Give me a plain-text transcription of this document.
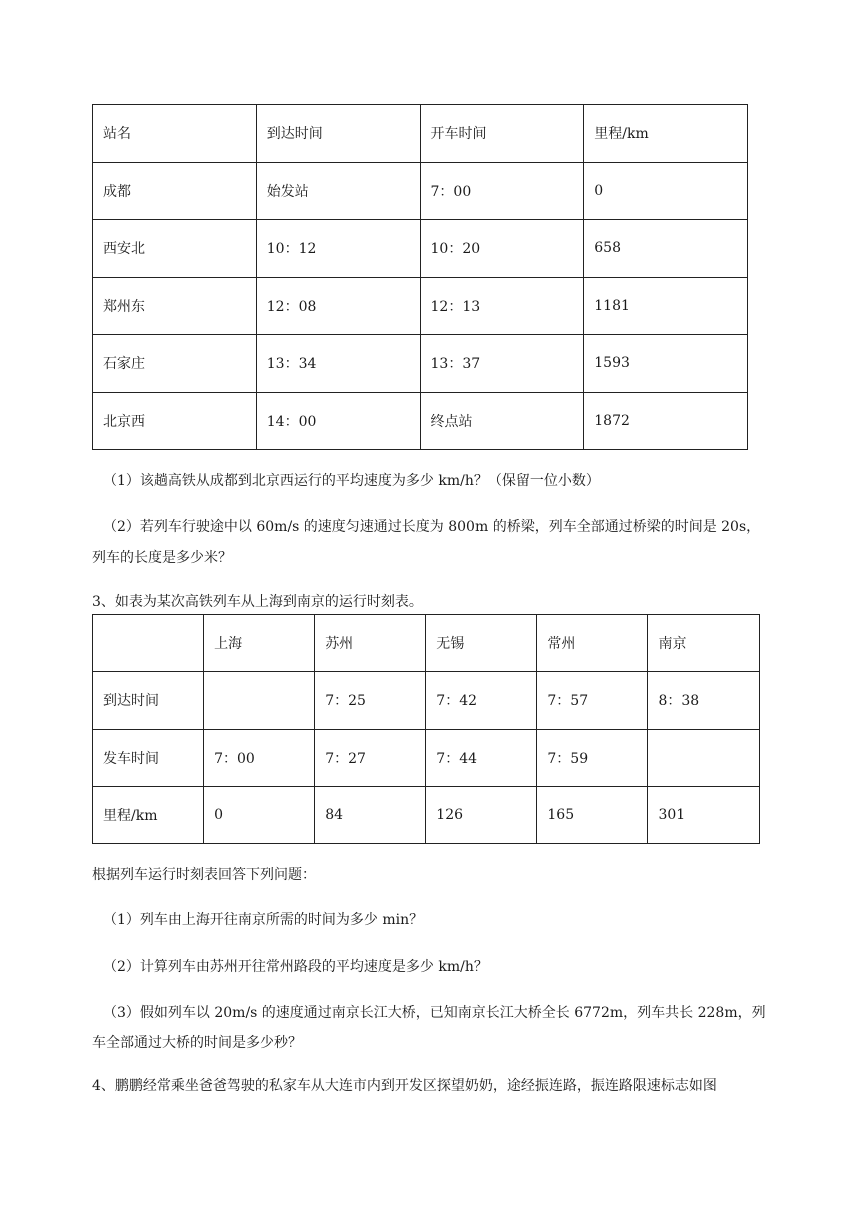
站名	到达时间	开车时间	里程/km
成都	始发站	7：00	0
西安北	10：12	10：20	658
郑州东	12：08	12：13	1181
石家庄	13：34	13：37	1593
北京西	14：00	终点站	1872
（1）该趟高铁从成都到北京西运行的平均速度为多少 km/h？（保留一位小数）
（2）若列车行驶途中以 60m/s 的速度匀速通过长度为 800m 的桥梁，列车全部通过桥梁的时间是 20s，
列车的长度是多少米？
3、如表为某次高铁列车从上海到南京的运行时刻表。
	上海	苏州	无锡	常州	南京
到达时间		7：25	7：42	7：57	8：38
发车时间	7：00	7：27	7：44	7：59	
里程/km	0	84	126	165	301
根据列车运行时刻表回答下列问题：
（1）列车由上海开往南京所需的时间为多少 min？
（2）计算列车由苏州开往常州路段的平均速度是多少 km/h？
（3）假如列车以 20m/s 的速度通过南京长江大桥，已知南京长江大桥全长 6772m，列车共长 228m，列
车全部通过大桥的时间是多少秒？
4、鹏鹏经常乘坐爸爸驾驶的私家车从大连市内到开发区探望奶奶，途经振连路，振连路限速标志如图
